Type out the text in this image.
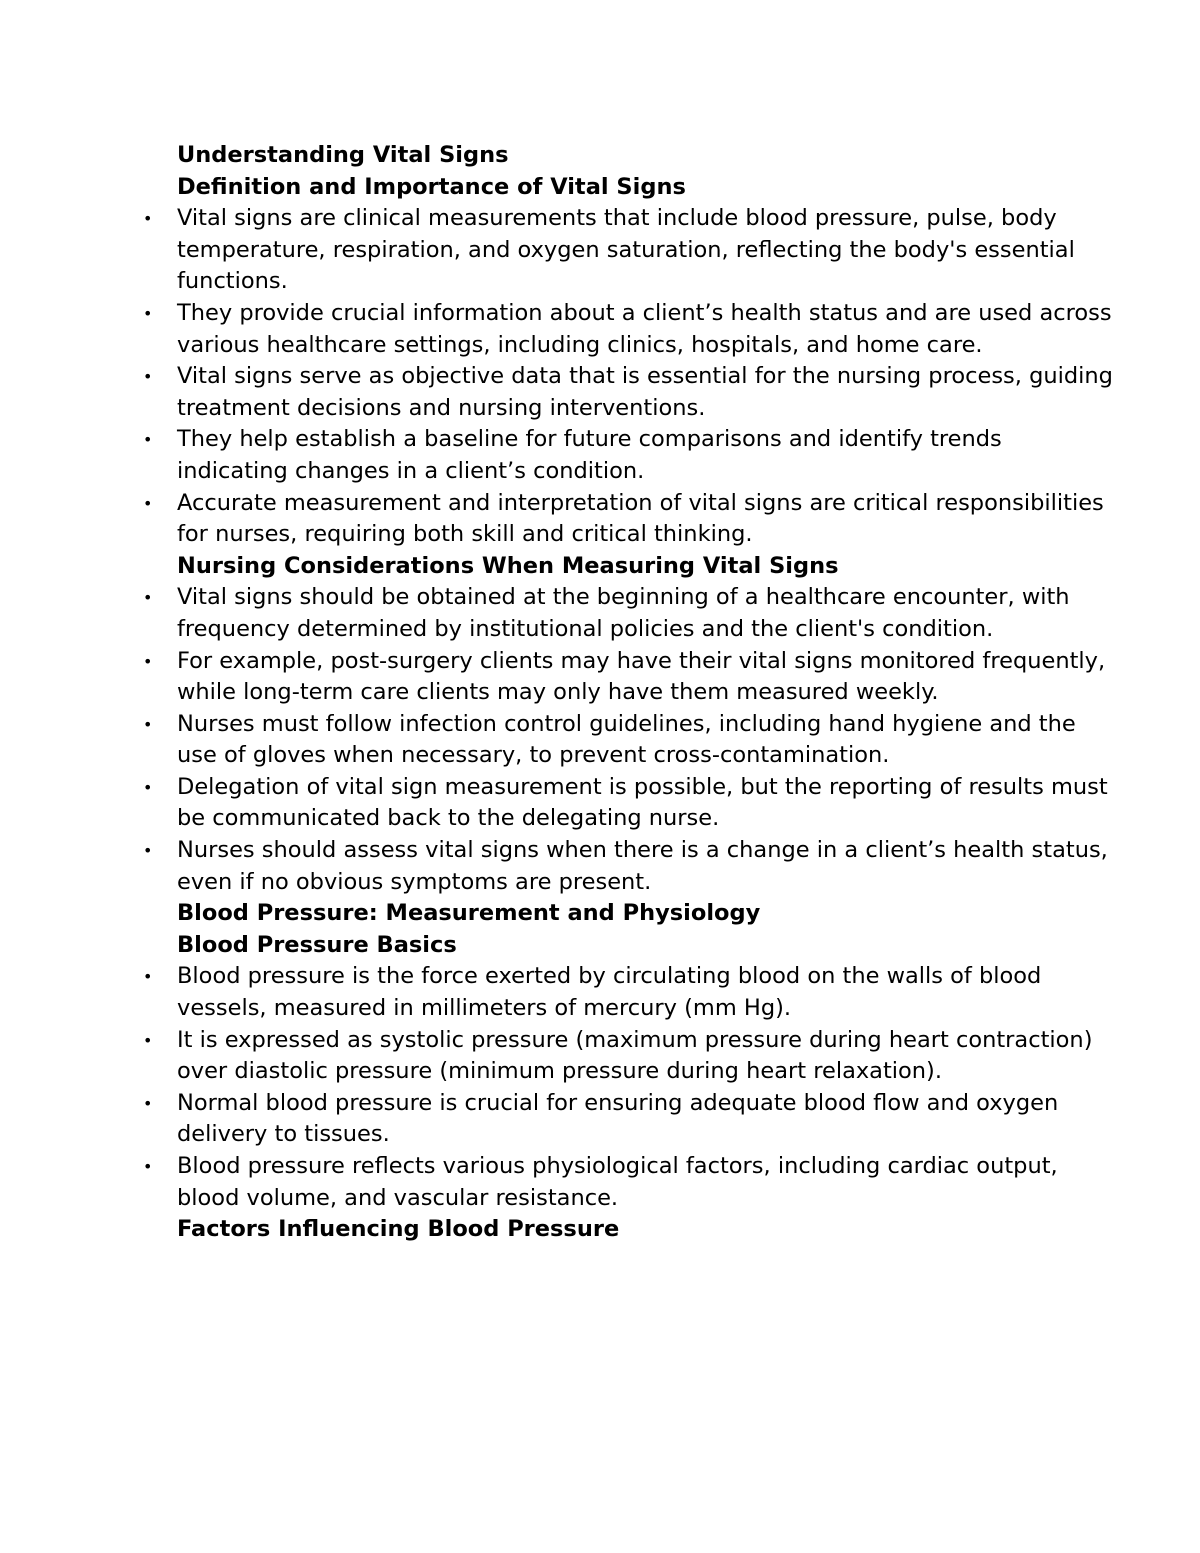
Understanding Vital Signs
Definition and Importance of Vital Signs
• Vital signs are clinical measurements that include blood pressure, pulse, body temperature, respiration, and oxygen saturation, reflecting the body's essential functions.
• They provide crucial information about a client’s health status and are used across various healthcare settings, including clinics, hospitals, and home care.
• Vital signs serve as objective data that is essential for the nursing process, guiding treatment decisions and nursing interventions.
• They help establish a baseline for future comparisons and identify trends indicating changes in a client’s condition.
• Accurate measurement and interpretation of vital signs are critical responsibilities for nurses, requiring both skill and critical thinking.
Nursing Considerations When Measuring Vital Signs
• Vital signs should be obtained at the beginning of a healthcare encounter, with frequency determined by institutional policies and the client's condition.
• For example, post-surgery clients may have their vital signs monitored frequently, while long-term care clients may only have them measured weekly.
• Nurses must follow infection control guidelines, including hand hygiene and the use of gloves when necessary, to prevent cross-contamination.
• Delegation of vital sign measurement is possible, but the reporting of results must be communicated back to the delegating nurse.
• Nurses should assess vital signs when there is a change in a client’s health status, even if no obvious symptoms are present.
Blood Pressure: Measurement and Physiology
Blood Pressure Basics
• Blood pressure is the force exerted by circulating blood on the walls of blood vessels, measured in millimeters of mercury (mm Hg).
• It is expressed as systolic pressure (maximum pressure during heart contraction) over diastolic pressure (minimum pressure during heart relaxation).
• Normal blood pressure is crucial for ensuring adequate blood flow and oxygen delivery to tissues.
• Blood pressure reflects various physiological factors, including cardiac output, blood volume, and vascular resistance.
Factors Influencing Blood Pressure
